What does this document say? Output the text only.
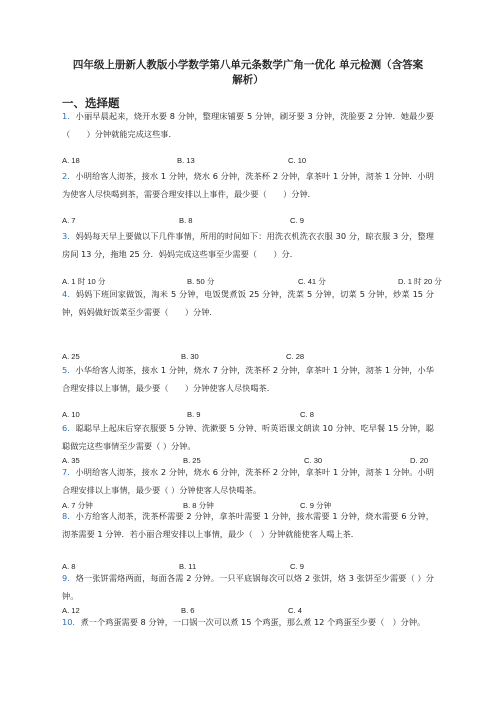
四年级上册新人教版小学数学第八单元条数学广角一优化 单元检测（含答案解析）
一、选择题
1．小丽早晨起来，烧开水要 8 分钟，整理床铺要 5 分钟，刷牙要 3 分钟，洗脸要 2 分钟．她最少要（　　）分钟就能完成这些事．
A. 18	B. 13	C. 10
2．小明给客人沏茶，接水 1 分钟，烧水 6 分钟，洗茶杯 2 分钟，拿茶叶 1 分钟，沏茶 1 分钟．小明为使客人尽快喝到茶，需要合理安排以上事件，最少要（　　）分钟．
A. 7	B. 8	C. 9
3．妈妈每天早上要做以下几件事情，所用的时间如下：用洗衣机洗衣衣服 30 分，晾衣服 3 分，整理房间 13 分，拖地 25 分．妈妈完成这些事至少需要（　　）分．
A. 1 时 10 分	B. 50 分	C. 41 分	D. 1 时 20 分
4．妈妈下班回家做饭，淘米 5 分钟，电饭煲煮饭 25 分钟，洗菜 5 分钟，切菜 5 分钟，炒菜 15 分钟，妈妈做好饭菜至少需要（　　）分钟．
A. 25	B. 30	C. 28
5．小华给客人沏茶，接水 1 分钟，烧水 7 分钟，洗茶杯 2 分钟，拿茶叶 1 分钟，沏茶 1 分钟，小华合理安排以上事情，最少要（　　）分钟使客人尽快喝茶．
A. 10	B. 9	C. 8
6．聪聪早上起床后穿衣服要 5 分钟、洗漱要 5 分钟、听英语课文朗读 10 分钟、吃早餐 15 分钟，聪聪做完这些事情至少需要（ ）分钟。
A. 35	B. 25	C. 30	D. 20
7．小明给客人沏茶，接水 2 分钟，烧水 6 分钟，洗茶杯 2 分钟，拿茶叶 1 分钟，沏茶 1 分钟。小明合理安排以上事情，最少要（ ）分钟使客人尽快喝茶。
A. 7 分钟	B. 8 分钟	C. 9 分钟
8．小方给客人沏茶，洗茶杯需要 2 分钟，拿茶叶需要 1 分钟，接水需要 1 分钟，烧水需要 6 分钟，沏茶需要 1 分钟．若小丽合理安排以上事情，最少（　）分钟就能使客人喝上茶．
A. 8	B. 11	C. 9
9．烙一张饼需烙两面，每面各需 2 分钟。一只平底锅每次可以烙 2 张饼，烙 3 张饼至少需要（ ）分钟。
A. 12	B. 6	C. 4
10．煮一个鸡蛋需要 8 分钟，一口锅一次可以煮 15 个鸡蛋，那么煮 12 个鸡蛋至少要（　）分钟。
